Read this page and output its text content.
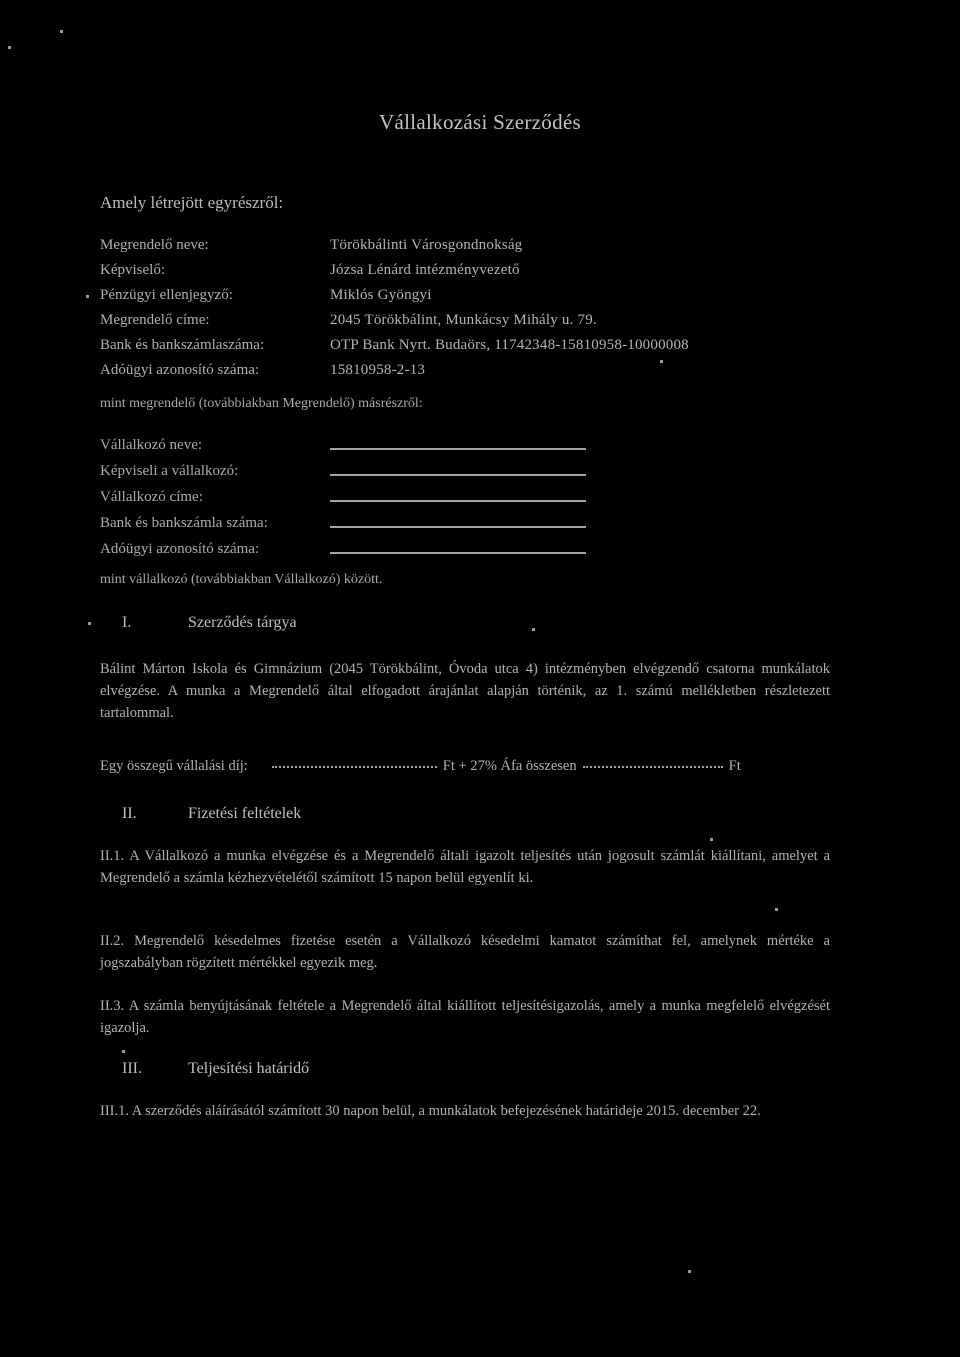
Vállalkozási Szerződés
Amely létrejött egyrészről:
Megrendelő neve:	Törökbálinti Városgondnokság
Képviselő:	Józsa Lénárd intézményvezető
Pénzügyi ellenjegyző:	Miklós Gyöngyi
Megrendelő címe:	2045 Törökbálint, Munkácsy Mihály u. 79.
Bank és bankszámlaszáma:	OTP Bank Nyrt. Budaörs, 11742348-15810958-10000008
Adóügyi azonosító száma:	15810958-2-13
mint megrendelő (továbbiakban Megrendelő) másrészről:
Vállalkozó neve:
Képviseli a vállalkozó:
Vállalkozó címe:
Bank és bankszámla száma:
Adóügyi azonosító száma:
mint vállalkozó (továbbiakban Vállalkozó) között.
I.	Szerződés tárgya
Bálint Márton Iskola és Gimnázium (2045 Törökbálint, Óvoda utca 4) intézményben elvégzendő csatorna munkálatok elvégzése. A munka a Megrendelő által elfogadott árajánlat alapján történik, az 1. számú mellékletben részletezett tartalommal.
Egy összegű vállalási díj:	Ft + 27% Áfa összesen	Ft
II.	Fizetési feltételek
II.1. A Vállalkozó a munka elvégzése és a Megrendelő általi igazolt teljesítés után jogosult számlát kiállítani, amelyet a Megrendelő a számla kézhezvételétől számított 15 napon belül egyenlít ki.
II.2. Megrendelő késedelmes fizetése esetén a Vállalkozó késedelmi kamatot számíthat fel, amelynek mértéke a jogszabályban rögzített mértékkel egyezik meg.
II.3. A számla benyújtásának feltétele a Megrendelő által kiállított teljesítésigazolás, amely a munka megfelelő elvégzését igazolja.
III.	Teljesítési határidő
III.1. A szerződés aláírásától számított 30 napon belül, a munkálatok befejezésének határideje 2015. december 22.
